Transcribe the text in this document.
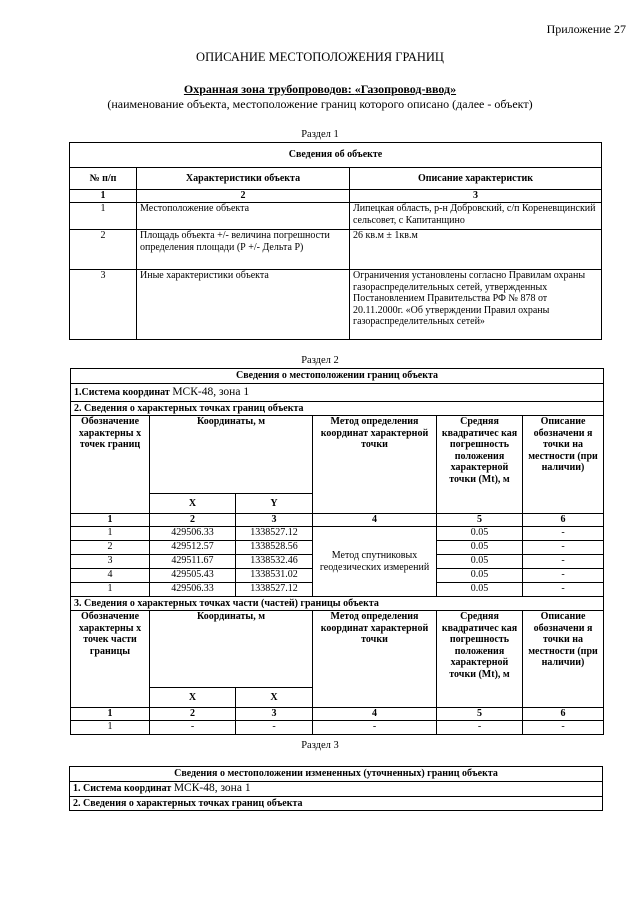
Приложение 27
ОПИСАНИЕ МЕСТОПОЛОЖЕНИЯ ГРАНИЦ
Охранная зона трубопроводов: «Газопровод-ввод»
(наименование объекта, местоположение границ которого описано (далее - объект)
Раздел 1
Сведения об объекте		
№ п/п	Характеристики объекта	Описание характеристик
1	2	3
1	Местоположение объекта	Липецкая область, р-н Добровский, с/п Кореневщинский сельсовет, с Капитанщино
2	Площадь объекта +/- величина погрешности определения площади (Р +/- Дельта Р)	26 кв.м ± 1кв.м
3	Иные характеристики объекта	Ограничения установлены согласно Правилам охраны газораспределительных сетей, утвержденных Постановлением Правительства РФ № 878 от 20.11.2000г. «Об утверждении Правил охраны газораспределительных сетей»
Раздел 2
Сведения о местоположении границ объекта					
1.Система координат МСК-48, зона 1					
2. Сведения о характерных точках границ объекта					
Обозначение характерны х точек границ	Координаты, м		Метод определения координат характерной точки	Средняя квадратичес кая погрешность положения характерной точки (Mt), м	Описание обозначени я точки на местности (при наличии)
	X	Y			
1	2	3	4	5	6
1	429506.33	1338527.12	Метод спутниковых геодезических измерений	0.05	-
2	429512.57	1338528.56		0.05	-
3	429511.67	1338532.46		0.05	-
4	429505.43	1338531.02		0.05	-
1	429506.33	1338527.12		0.05	-
3. Сведения о характерных точках части (частей) границы объекта					
Обозначение характерны х точек части границы	Координаты, м		Метод определения координат характерной точки	Средняя квадратичес кая погрешность положения характерной точки (Mt), м	Описание обозначени я точки на местности (при наличии)
	X	X			
1	2	3	4	5	6
1	-	-	-	-	-
Раздел 3
Сведения о местоположении измененных (уточненных) границ объекта
1. Система координат МСК-48, зона 1
2. Сведения о характерных точках границ объекта
